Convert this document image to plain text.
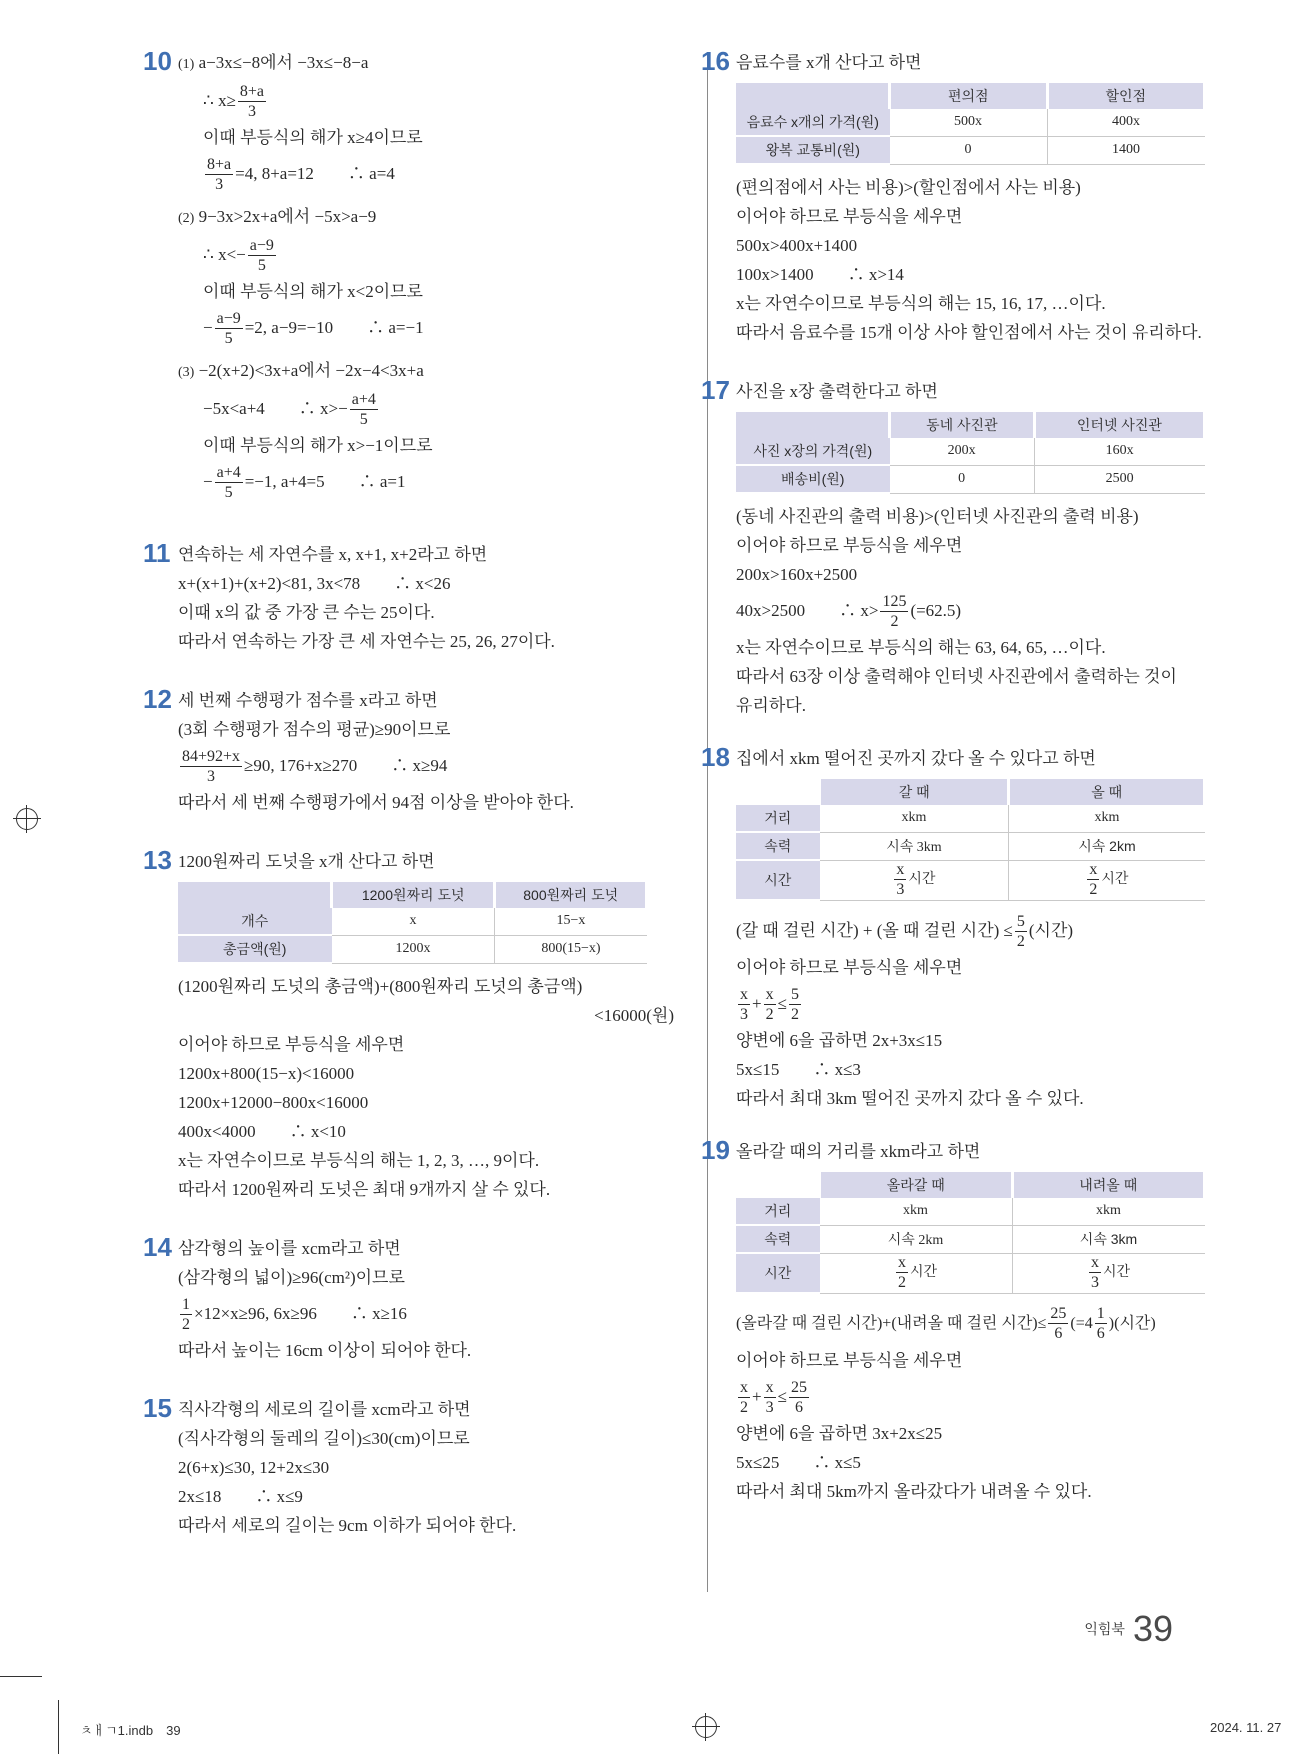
10 (1) a−3x≤−8에서 −3x≤−8−a
∴ $x\ge \frac{8+a}{3}$
이때 부등식의 해가 x≥4이므로
$\frac{8+a}{3} =4$, 8+a=12　　∴ a=4
(2) 9−3x>2x+a에서 −5x>a−9
∴ $x<- \frac{a-9}{5}$
이때 부등식의 해가 x<2이므로
− $\frac{a-9}{5} =2$, a−9=−10　　∴ a=−1
(3) −2(x+2)<3x+a에서 −2x−4<3x+a
−5x<a+4　　∴ $x>- \frac{a+4}{5}$
이때 부등식의 해가 x>−1이므로
− $\frac{a+4}{5} =-1$, a+4=5　　∴ a=1
11 연속하는 세 자연수를 x, x+1, x+2라고 하면
x+(x+1)+(x+2)<81, 3x<78　　∴ x<26
이때 x의 값 중 가장 큰 수는 25이다.
따라서 연속하는 가장 큰 세 자연수는 25, 26, 27이다.
12 세 번째 수행평가 점수를 x라고 하면
(3회 수행평가 점수의 평균)≥90이므로
$\frac{84+92+x}{3} \ge 90$, 176+x≥270　　∴ x≥94
따라서 세 번째 수행평가에서 94점 이상을 받아야 한다.
13 1200원짜리 도넛을 x개 산다고 하면
	1200원짜리 도넛	800원짜리 도넛
개수	x	15−x
총금액(원)	1200x	800(15−x)
(1200원짜리 도넛의 총금액)+(800원짜리 도넛의 총금액)
<16000(원)
이어야 하므로 부등식을 세우면
1200x+800(15−x)<16000
1200x+12000−800x<16000
400x<4000　　∴ x<10
x는 자연수이므로 부등식의 해는 1, 2, 3, …, 9이다.
따라서 1200원짜리 도넛은 최대 9개까지 살 수 있다.
14 삼각형의 높이를 xcm라고 하면
(삼각형의 넓이)≥96(cm²)이므로
$\frac{1}{2} \times 12\times x\ge 96$, 6x≥96　　∴ x≥16
따라서 높이는 16cm 이상이 되어야 한다.
15 직사각형의 세로의 길이를 xcm라고 하면
(직사각형의 둘레의 길이)≤30(cm)이므로
2(6+x)≤30, 12+2x≤30
2x≤18　　∴ x≤9
따라서 세로의 길이는 9cm 이하가 되어야 한다.
16 음료수를 x개 산다고 하면
	편의점	할인점
음료수 x개의 가격(원)	500x	400x
왕복 교통비(원)	0	1400
(편의점에서 사는 비용)>(할인점에서 사는 비용)
이어야 하므로 부등식을 세우면
500x>400x+1400
100x>1400　　∴ x>14
x는 자연수이므로 부등식의 해는 15, 16, 17, …이다.
따라서 음료수를 15개 이상 사야 할인점에서 사는 것이 유리하다.
17 사진을 x장 출력한다고 하면
	동네 사진관	인터넷 사진관
사진 x장의 가격(원)	200x	160x
배송비(원)	0	2500
(동네 사진관의 출력 비용)>(인터넷 사진관의 출력 비용)
이어야 하므로 부등식을 세우면
200x>160x+2500
40x>2500　　∴ $x> \frac{125}{2} (=62.5)$
x는 자연수이므로 부등식의 해는 63, 64, 65, …이다.
따라서 63장 이상 출력해야 인터넷 사진관에서 출력하는 것이
유리하다.
18 집에서 xkm 떨어진 곳까지 갔다 올 수 있다고 하면
	갈 때	올 때
거리	xkm	xkm
속력	시속 3km	시속 2km
시간	$\frac{x}{3}$ 시간	$\frac{x}{2}$ 시간
(갈 때 걸린 시간) + (올 때 걸린 시간) ≤ $\frac{5}{2}$ (시간)
이어야 하므로 부등식을 세우면
$\frac{x}{3} + \frac{x}{2} \le \frac{5}{2}$
양변에 6을 곱하면 2x+3x≤15
5x≤15　　∴ x≤3
따라서 최대 3km 떨어진 곳까지 갔다 올 수 있다.
19 올라갈 때의 거리를 xkm라고 하면
	올라갈 때	내려올 때
거리	xkm	xkm
속력	시속 2km	시속 3km
시간	$\frac{x}{2}$ 시간	$\frac{x}{3}$ 시간
(올라갈 때 걸린 시간)+(내려올 때 걸린 시간)≤ $\frac{25}{6} (=4 \frac{1}{6}$ )(시간)
이어야 하므로 부등식을 세우면
$\frac{x}{2} + \frac{x}{3} \le \frac{25}{6}$
양변에 6을 곱하면 3x+2x≤25
5x≤25　　∴ x≤5
따라서 최대 5km까지 올라갔다가 내려올 수 있다.
익힘북 39
ㅊㅐㄱ1.indb　39	2024. 11. 27
